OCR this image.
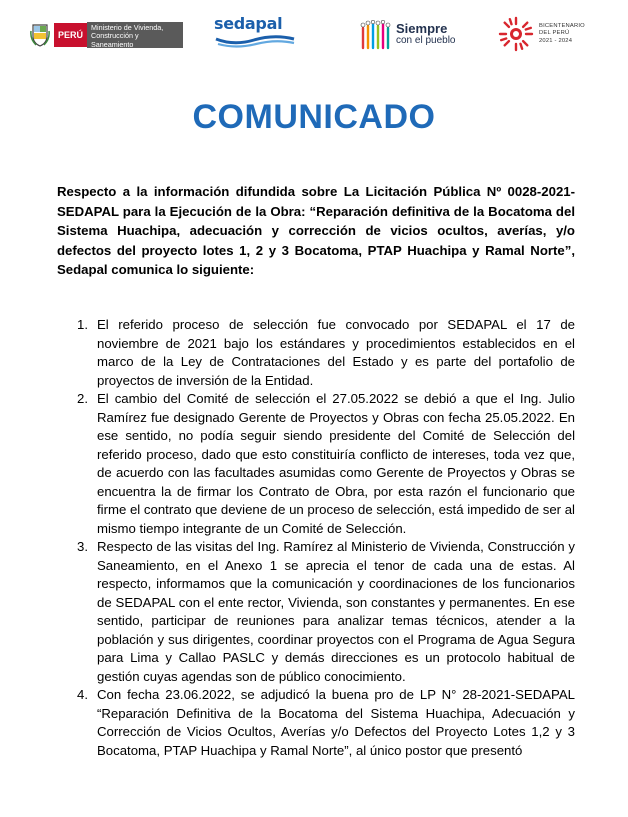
PERÚ
Ministerio de Vivienda, Construcción y Saneamiento
sedapal	Siempre
con el pueblo
BICENTENARIO
DEL PERÚ
2021 - 2024
COMUNICADO
Respecto a la información difundida sobre La Licitación Pública Nº 0028-2021-SEDAPAL para la Ejecución de la Obra: “Reparación definitiva de la Bocatoma del Sistema Huachipa, adecuación y corrección de vicios ocultos, averías, y/o defectos del proyecto lotes 1, 2 y 3 Bocatoma, PTAP Huachipa y Ramal Norte”, Sedapal comunica lo siguiente:
1. El referido proceso de selección fue convocado por SEDAPAL el 17 de noviembre de 2021 bajo los estándares y procedimientos establecidos en el marco de la Ley de Contrataciones del Estado y es parte del portafolio de proyectos de inversión de la Entidad.
2. El cambio del Comité de selección el 27.05.2022 se debió a que el Ing. Julio Ramírez fue designado Gerente de Proyectos y Obras con fecha 25.05.2022. En ese sentido, no podía seguir siendo presidente del Comité de Selección del referido proceso, dado que esto constituiría conflicto de intereses, toda vez que, de acuerdo con las facultades asumidas como Gerente de Proyectos y Obras se encuentra la de firmar los Contrato de Obra, por esta razón el funcionario que firme el contrato que deviene de un proceso de selección, está impedido de ser al mismo tiempo integrante de un Comité de Selección.
3. Respecto de las visitas del Ing. Ramírez al Ministerio de Vivienda, Construcción y Saneamiento, en el Anexo 1 se aprecia el tenor de cada una de estas. Al respecto, informamos que la comunicación y coordinaciones de los funcionarios de SEDAPAL con el ente rector, Vivienda, son constantes y permanentes. En ese sentido, participar de reuniones para analizar temas técnicos, atender a la población y sus dirigentes, coordinar proyectos con el Programa de Agua Segura para Lima y Callao PASLC y demás direcciones es un protocolo habitual de gestión cuyas agendas son de público conocimiento.
4. Con fecha 23.06.2022, se adjudicó la buena pro de LP N° 28-2021-SEDAPAL “Reparación Definitiva de la Bocatoma del Sistema Huachipa, Adecuación y Corrección de Vicios Ocultos, Averías y/o Defectos del Proyecto Lotes 1,2 y 3 Bocatoma, PTAP Huachipa y Ramal Norte”, al único postor que presentó
